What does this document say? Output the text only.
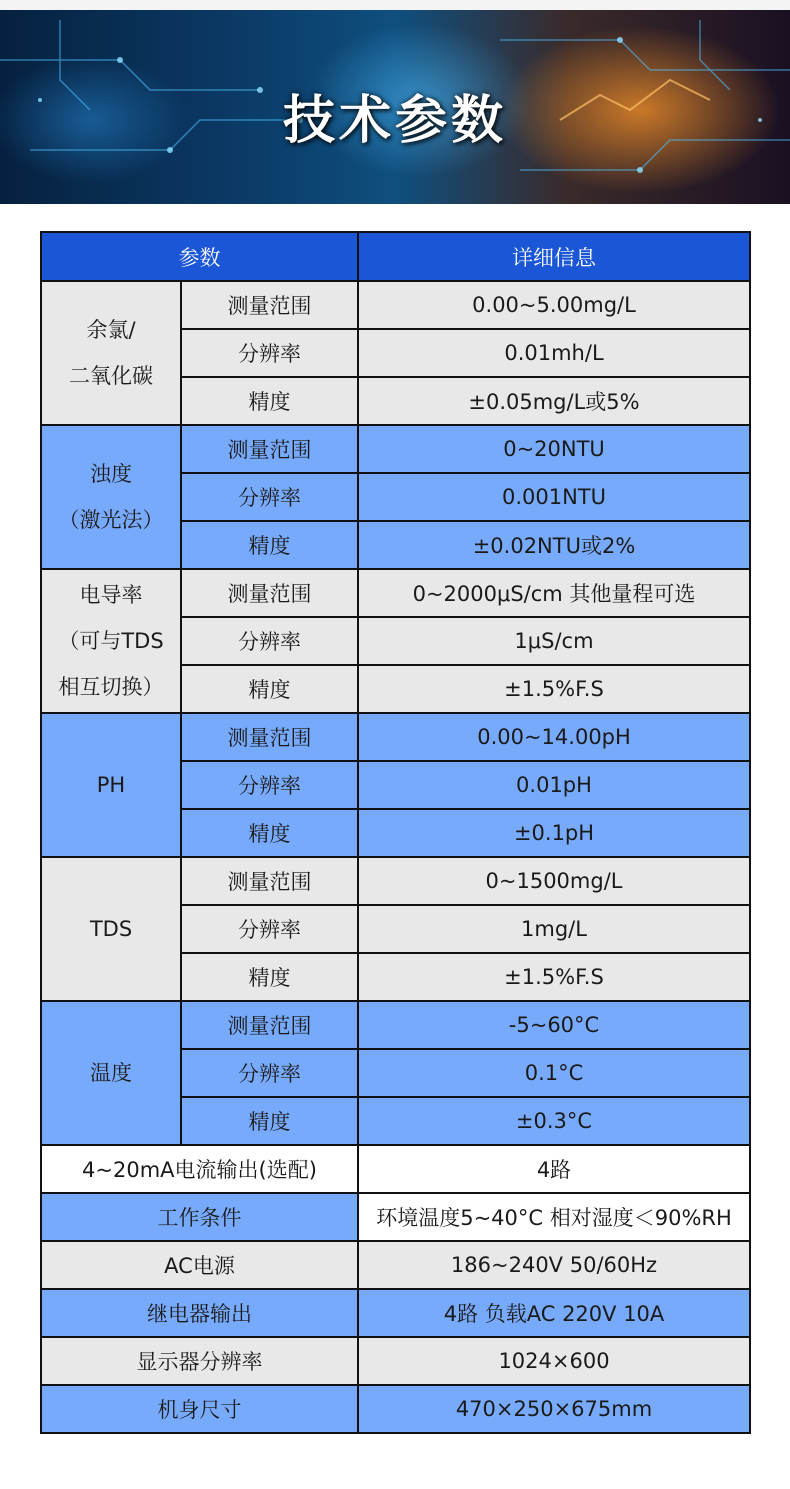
技术参数
参数		详细信息

余氯/
二氧化碳	测量范围	0.00~5.00mg/L
	分辨率	0.01mh/L
	精度	±0.05mg/L或5%

浊度
（激光法）	测量范围	0~20NTU
	分辨率	0.001NTU
	精度	±0.02NTU或2%

电导率
（可与TDS
相互切换）	测量范围	0~2000μS/cm 其他量程可选
	分辨率	1μS/cm
	精度	±1.5%F.S

PH	测量范围	0.00~14.00pH
	分辨率	0.01pH
	精度	±0.1pH

TDS	测量范围	0~1500mg/L
	分辨率	1mg/L
	精度	±1.5%F.S

温度	测量范围	-5~60°C
	分辨率	0.1°C
	精度	±0.3°C
4~20mA电流输出(选配)		4路
工作条件		环境温度5~40°C 相对湿度＜90%RH
AC电源		186~240V 50/60Hz
继电器输出		4路 负载AC 220V 10A
显示器分辨率		1024×600
机身尺寸		470×250×675mm
